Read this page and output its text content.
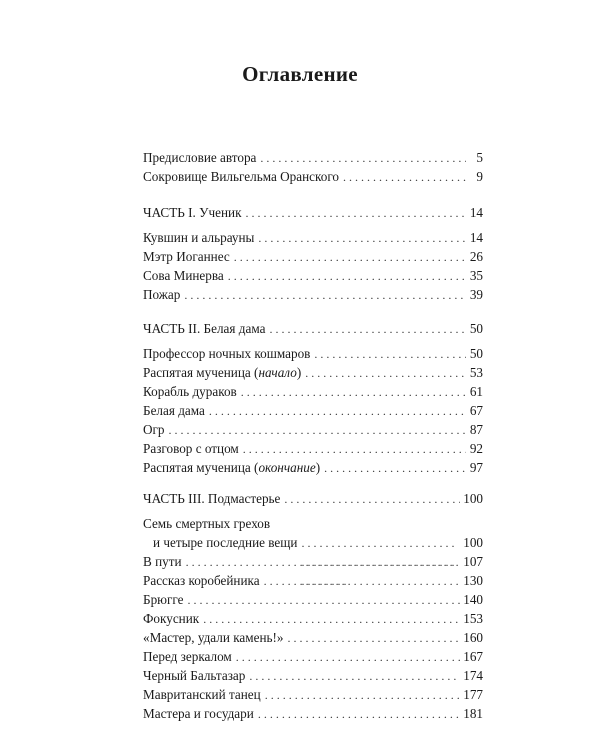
Оглавление
Предисловие автора . . .	5
Сокровище Вильгельма Оранского . . .	9
ЧАСТЬ I. Ученик . . .	14
Кувшин и альрауны . . .	14
Мэтр Иоганнес . . .	26
Сова Минерва . . .	35
Пожар . . .	39
ЧАСТЬ II. Белая дама . . .	50
Профессор ночных кошмаров . . .	50
Распятая мученица (начало) . . .	53
Корабль дураков . . .	61
Белая дама . . .	67
Огр . . .	87
Разговор с отцом . . .	92
Распятая мученица (окончание) . . .	97
ЧАСТЬ III. Подмастерье . . .	100
Семь смертных грехов
и четыре последние вещи . . .	100
В пути . . .	107
Рассказ коробейника . . .	130
Брюгге . . .	140
Фокусник . . .	153
«Мастер, удали камень!» . . .	160
Перед зеркалом . . .	167
Черный Бальтазар . . .	174
Мавританский танец . . .	177
Мастера и государи . . .	181
